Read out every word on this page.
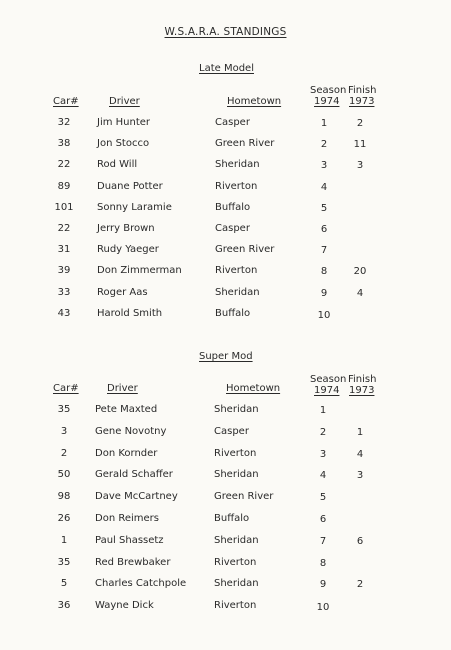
W.S.A.R.A. STANDINGS
Late Model
Car#	Driver	Hometown
Season Finish
1974 1973
32	Jim Hunter	Casper	1	2
38	Jon Stocco	Green River	2	11
22	Rod Will	Sheridan	3	3
89	Duane Potter	Riverton	4
101	Sonny Laramie	Buffalo	5
22	Jerry Brown	Casper	6
31	Rudy Yaeger	Green River	7
39	Don Zimmerman	Riverton	8	20
33	Roger Aas	Sheridan	9	4
43	Harold Smith	Buffalo	10
Super Mod
Car#	Driver	Hometown
Season Finish
1974 1973
35	Pete Maxted	Sheridan	1
3	Gene Novotny	Casper	2	1
2	Don Kornder	Riverton	3	4
50	Gerald Schaffer	Sheridan	4	3
98	Dave McCartney	Green River	5
26	Don Reimers	Buffalo	6
1	Paul Shassetz	Sheridan	7	6
35	Red Brewbaker	Riverton	8
5	Charles Catchpole	Sheridan	9	2
36	Wayne Dick	Riverton	10
